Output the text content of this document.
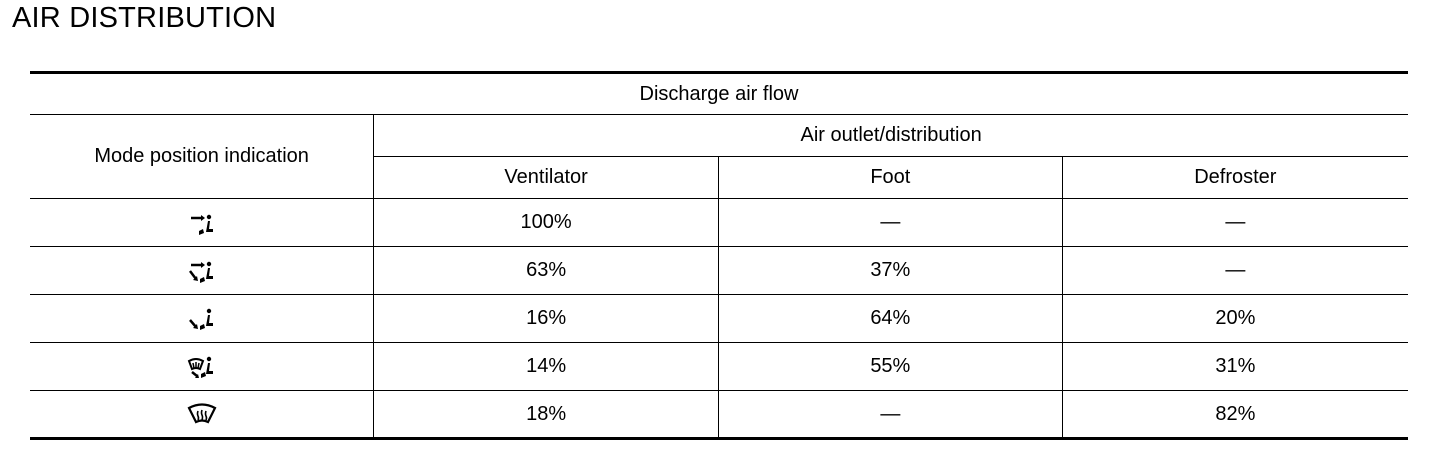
AIR DISTRIBUTION
Discharge air flow			
Mode position indication	Air outlet/distribution		
	Ventilator	Foot	Defroster

	100%	—	—

	63%	37%	—

	16%	64%	20%

	14%	55%	31%

	18%	—	82%
